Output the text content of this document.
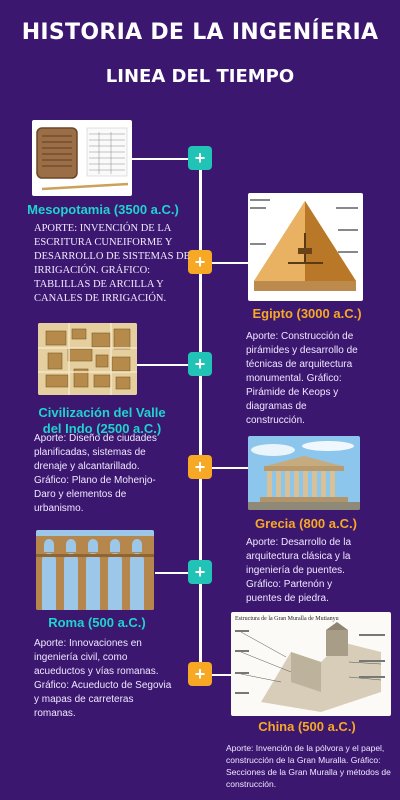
HISTORIA DE LA INGENÍERIA
LINEA DEL TIEMPO
+
+
+
+
+
+
Mesopotamia (3500 a.C.)
APORTE: INVENCIÓN DE LA ESCRITURA CUNEIFORME Y DESARROLLO DE SISTEMAS DE IRRIGACIÓN. GRÁFICO: TABLILLAS DE ARCILLA Y CANALES DE IRRIGACIÓN.
Egipto (3000 a.C.)
Aporte: Construcción de pirámides y desarrollo de técnicas de arquitectura monumental. Gráfico: Pirámide de Keops y diagramas de construcción.
Civilización del Valle del Indo (2500 a.C.)
Aporte: Diseño de ciudades planificadas, sistemas de drenaje y alcantarillado. Gráfico: Plano de Mohenjo-Daro y elementos de urbanismo.
Grecia (800 a.C.)
Aporte: Desarrollo de la arquitectura clásica y la ingeniería de puentes. Gráfico: Partenón y puentes de piedra.
Roma (500 a.C.)
Aporte: Innovaciones en ingeniería civil, como acueductos y vías romanas. Gráfico: Acueducto de Segovia y mapas de carreteras romanas.
Estructura de la Gran Muralla de Mutianyu
China (500 a.C.)
Aporte: Invención de la pólvora y el papel, construcción de la Gran Muralla. Gráfico: Secciones de la Gran Muralla y métodos de construcción.
